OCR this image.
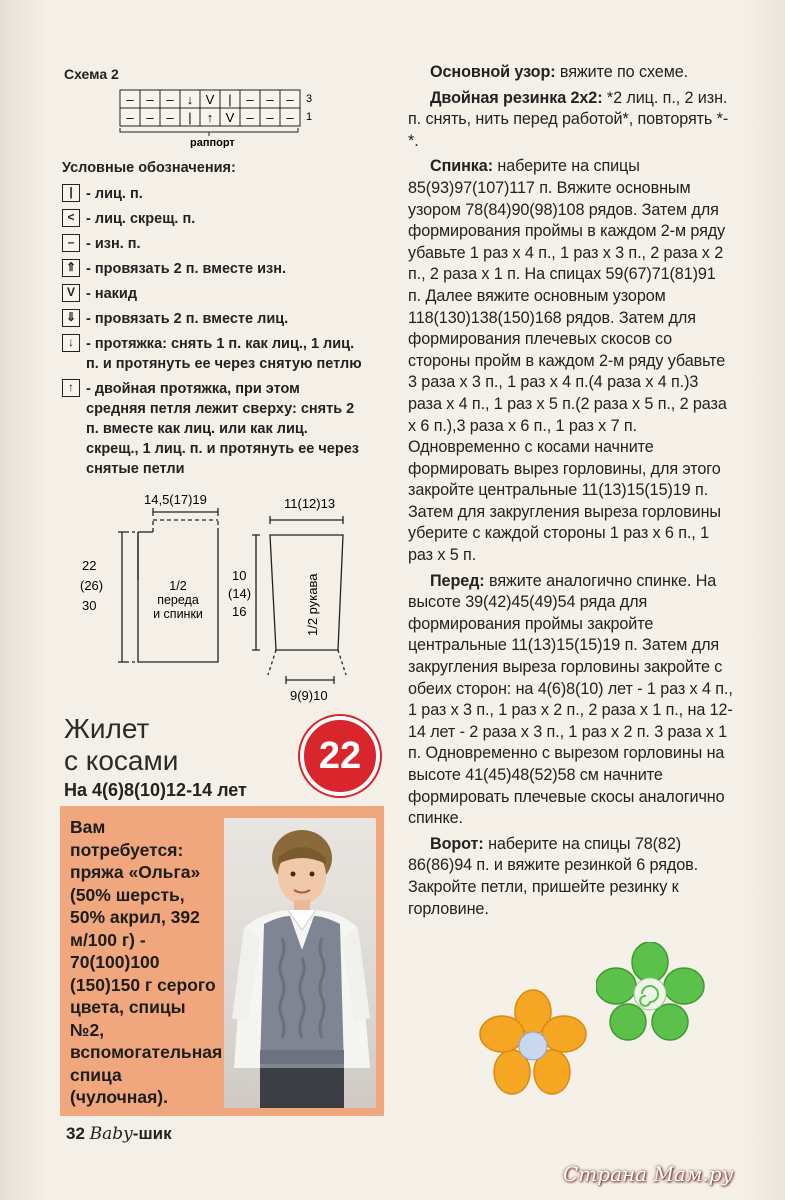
Схема 2
– – – ↓ V | – – –
– – – | ↑ V – – –
3
1
раппорт
Условные обозначения:
| - лиц. п.
< - лиц. скрещ. п.
– - изн. п.
⇑ - провязать 2 п. вместе изн.
V - накид
⇓ - провязать 2 п. вместе лиц.
↓ - протяжка: снять 1 п. как лиц., 1 лиц. п. и протянуть ее через снятую петлю
↑ - двойная протяжка, при этом средняя петля лежит сверху: снять 2 п. вместе как лиц. или как лиц. скрещ., 1 лиц. п. и протянуть ее через снятые петли
14,5(17)19
22
(26)
30
1/2
переда
и спинки
11(12)13
10
(14)
16	1/2 рукава
9(9)10

Основной узор: вяжите по схеме.

Двойная резинка 2х2: *2 лиц. п., 2 изн. п. снять, нить перед работой*, повторять *-*.

Спинка: наберите на спицы 85(93)97(107)117 п. Вяжите основным узором 78(84)90(98)108 рядов. Затем для формирования проймы в каждом 2-м ряду убавьте 1 раз х 4 п., 1 раз х 3 п., 2 раза х 2 п., 2 раза х 1 п. На спицах 59(67)71(81)91 п. Далее вяжите основным узором 118(130)138(150)168 рядов. Затем для формирования плечевых скосов со стороны пройм в каждом 2-м ряду убавьте 3 раза х 3 п., 1 раз х 4 п.(4 раза х 4 п.)3 раза х 4 п., 1 раз х 5 п.(2 раза х 5 п., 2 раза х 6 п.),3 раза х 6 п., 1 раз х 7 п. Одновременно с косами начните формировать вырез горловины, для этого закройте центральные 11(13)15(15)19 п. Затем для закругления выреза горловины уберите с каждой стороны 1 раз х 6 п., 1 раз х 5 п.

Перед: вяжите аналогично спинке. На высоте 39(42)45(49)54 ряда для формирования проймы закройте центральные 11(13)15(15)19 п. Затем для закругления выреза горловины закройте с обеих сторон: на 4(6)8(10) лет - 1 раз х 4 п., 1 раз х 3 п., 1 раз х 2 п., 2 раза х 1 п., на 12-14 лет - 2 раза х 3 п., 1 раз х 2 п. 3 раза х 1 п. Одновременно с вырезом горловины на высоте 41(45)48(52)58 см начните формировать плечевые скосы аналогично спинке.

Ворот: наберите на спицы 78(82) 86(86)94 п. и вяжите резинкой 6 рядов. Закройте петли, пришейте резинку к горловине.

Жилет
с косами	22
На 4(6)8(10)12-14 лет
Вам потребуется: пряжа «Ольга» (50% шерсть, 50% акрил, 392 м/100 г) - 70(100)100 (150)150 г серого цвета, спицы №2, вспомогательная спица (чулочная).
32 Baby-шик
Страна Мам.ру
